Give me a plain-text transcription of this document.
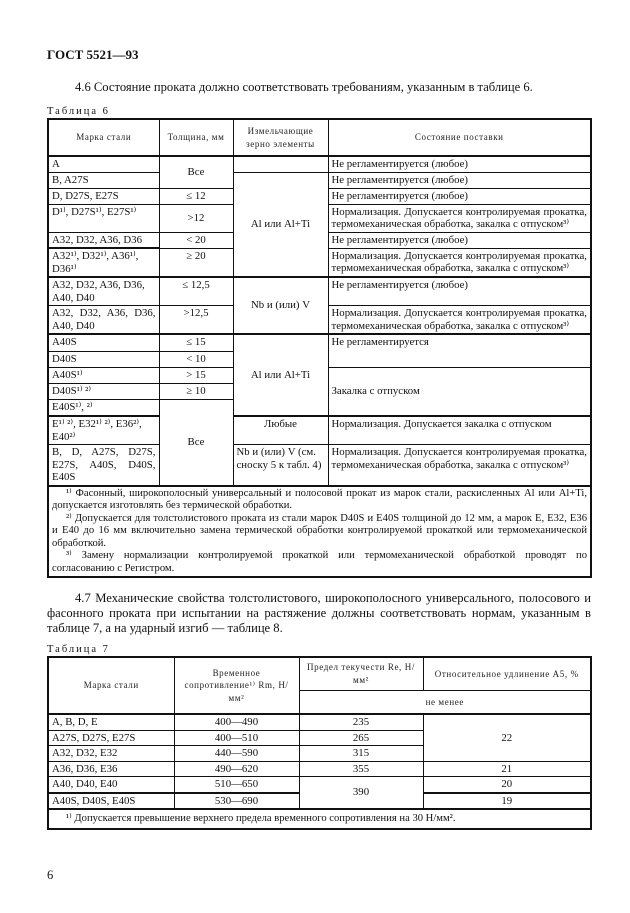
ГОСТ 5521—93
4.6 Состояние проката должно соответствовать требованиям, указанным в таблице 6.
Таблица 6
Марка стали	Толщина, мм	Измельчающие зерно элементы	Состояние поставки
A	Все		Не регламентируется (любое)
B, A27S		Al или Al+Ti	Не регламентируется (любое)
D, D27S, E27S	≤ 12		Не регламентируется (любое)
D¹⁾, D27S¹⁾, E27S¹⁾	>12		Нормализация. Допускается контролируемая прокатка, термомеханическая обработка, закалка с отпуском³⁾
A32, D32, A36, D36	< 20		Не регламентируется (любое)
A32¹⁾, D32¹⁾, A36¹⁾, D36¹⁾	≥ 20		Нормализация. Допускается контролируемая прокатка, термомеханическая обработка, закалка с отпуском³⁾
A32, D32, A36, D36, A40, D40	≤ 12,5	Nb и (или) V	Не регламентируется (любое)
A32, D32, A36, D36, A40, D40	>12,5		Нормализация. Допускается контролируемая прокатка, термомеханическая обработка, закалка с отпуском³⁾
A40S	≤ 15	Al или Al+Ti	Не регламентируется
D40S	< 10		
A40S¹⁾	> 15		Закалка с отпуском
D40S¹⁾ ²⁾	≥ 10		
E40S¹⁾, ²⁾	Все		
E¹⁾ ²⁾, E32¹⁾ ²⁾, E36²⁾, E40²⁾		Любые	Нормализация. Допускается закалка с отпуском
B, D, A27S, D27S, E27S, A40S, D40S, E40S		Nb и (или) V (см. сноску 5 к табл. 4)	Нормализация. Допускается контролируемая прокатка, термомеханическая обработка, закалка с отпуском³⁾

¹⁾ Фасонный, широкополосный универсальный и полосовой прокат из марок стали, раскисленных Al или Al+Ti, допускается изготовлять без термической обработки.

²⁾ Допускается для толстолистового проката из стали марок D40S и E40S толщиной до 12 мм, а марок E, E32, E36 и E40 до 16 мм включительно замена термической обработки контролируемой прокаткой или термомеханической обработкой.

³⁾ Замену нормализации контролируемой прокаткой или термомеханической обработкой проводят по согласованию с Регистром.			

4.7 Механические свойства толстолистового, широкополосного универсального, полосового и фасонного проката при испытании на растяжение должны соответствовать нормам, указанным в таблице 7, а на ударный изгиб — таблице 8.
Таблица 7
Марка стали	Временное сопротивление¹⁾ Rm, Н/мм²	Предел текучести Re, Н/мм²	Относительное удлинение A5, %
		не менее	
A, B, D, E	400—490	235	22
A27S, D27S, E27S	400—510	265	
A32, D32, E32	440—590	315	
A36, D36, E36	490—620	355	21
A40, D40, E40	510—650	390	20
A40S, D40S, E40S	530—690		19

¹⁾ Допускается превышение верхнего предела временного сопротивления на 30 Н/мм².			

6
